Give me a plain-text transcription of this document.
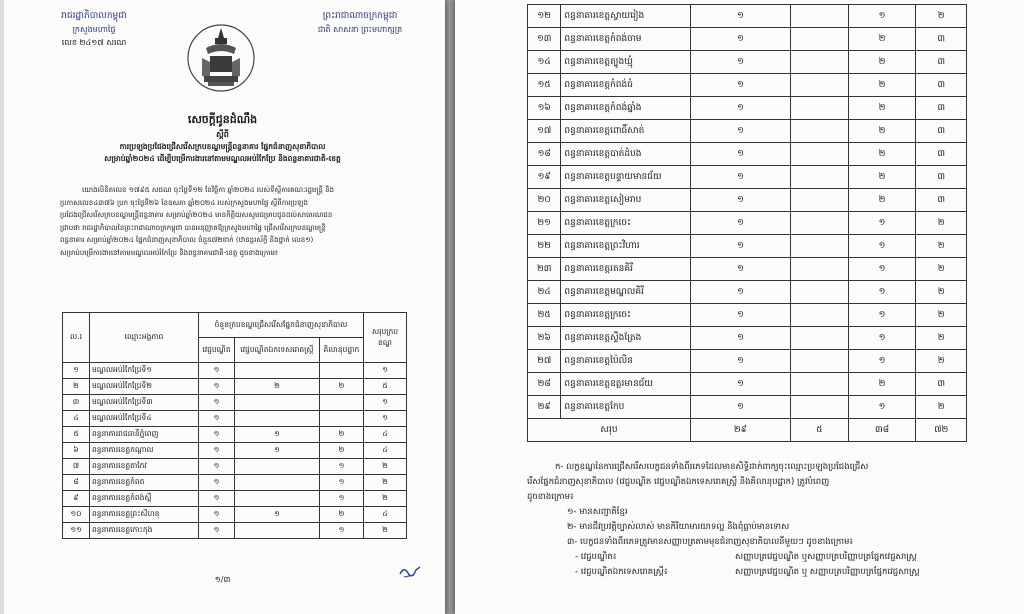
រាជរដ្ឋាភិបាលកម្ពុជា
ក្រសួងមហាផ្ទៃ
លេខ ២៤១៧ សរណ
ព្រះរាជាណាចក្រកម្ពុជា
ជាតិ សាសនា ព្រះមហាក្សត្រ
សេចក្តីជូនដំណឹង
ស្តីពី
ការប្រឡងប្រជែងជ្រើសរើសក្របខណ្ឌមន្ត្រីពន្ធនាគារ ផ្នែកជំនាញសុខាភិបាល
សម្រាប់ឆ្នាំ២០២៤ ដើម្បីបម្រើការងារនៅតាមមណ្ឌលអប់រំកែប្រែ និងពន្ធនាគារជាតិ-ខេត្ត
យោងលិខិតលេខ ១៧៩៥ សជណ ចុះថ្ងៃទី១២ ខែវិច្ឆិកា ឆ្នាំ២០២៤ របស់ទីស្តីការគណៈរដ្ឋមន្ត្រី និង
ប្រកាសលេខ៤៣៧៦ ប្រក ចុះថ្ងៃទី២៦ ខែឧសភា ឆ្នាំ២០២៤ របស់ក្រសួងមហាផ្ទៃ ស្តីពីការប្រឡង
ប្រជែងជ្រើសរើសក្របខណ្ឌមន្ត្រីពន្ធនាគារ សម្រាប់ឆ្នាំ២០២៤ មានកិត្តិយសសូមជម្រាបជូនដល់សាធារណជន
ជ្រាបថា រាជរដ្ឋាភិបាលនៃព្រះរាជាណាចក្រកម្ពុជា បានអនុញ្ញាតឱ្យក្រសួងមហាផ្ទៃ ជ្រើសរើសក្របខណ្ឌមន្ត្រី
ពន្ធនាគារ សម្រាប់ឆ្នាំ២០២៤ ផ្នែកជំនាញសុខាភិបាល ចំនួន៧២នាក់ (ឋានន្តរស័ក្តិ និងថ្នាក់ លេខ១)
សម្រាប់បម្រើការងារនៅតាមមណ្ឌលអប់រំកែប្រែ និងពន្ធនាគារជាតិ-ខេត្ត ដូចខាងក្រោម៖
ល.រ	ឈ្មោះអង្គភាព	ចំនួនក្របខណ្ឌជ្រើសរើសផ្នែកជំនាញសុខាភិបាល			សរុបក្របខណ្ឌ
		វេជ្ជបណ្ឌិត	វេជ្ជបណ្ឌិតឯកទេសរោគស្ត្រី	គិលានុបដ្ឋាក	
១	មណ្ឌលអប់រំកែប្រែទី១	១			១
២	មណ្ឌលអប់រំកែប្រែទី២	១	២	២	៥
៣	មណ្ឌលអប់រំកែប្រែទី៣	១			១
៤	មណ្ឌលអប់រំកែប្រែទី៤	១			១
៥	ពន្ធនាគាររាជធានីភ្នំពេញ	១	១	២	៤
៦	ពន្ធនាគារខេត្តកណ្តាល	១	១	២	៤
៧	ពន្ធនាគារខេត្តតាកែវ	១		១	២
៨	ពន្ធនាគារខេត្តកំពត	១		១	២
៩	ពន្ធនាគារខេត្តកំពង់ស្ពឺ	១		១	២
១០	ពន្ធនាគារខេត្តព្រះសីហនុ	១	១	២	៤
១១	ពន្ធនាគារខេត្តកោះកុង	១		១	២
១/៣
១២	ពន្ធនាគារខេត្តស្វាយរៀង	១		១	២
១៣	ពន្ធនាគារខេត្តកំពង់ចាម	១		២	៣
១៤	ពន្ធនាគារខេត្តត្បូងឃ្មុំ	១		២	៣
១៥	ពន្ធនាគារខេត្តកំពង់ធំ	១		២	៣
១៦	ពន្ធនាគារខេត្តកំពង់ឆ្នាំង	១		២	៣
១៧	ពន្ធនាគារខេត្តពោធិ៍សាត់	១		២	៣
១៨	ពន្ធនាគារខេត្តបាត់ដំបង	១		២	៣
១៩	ពន្ធនាគារខេត្តបន្ទាយមានជ័យ	១		២	៣
២០	ពន្ធនាគារខេត្តសៀមរាប	១		២	៣
២១	ពន្ធនាគារខេត្តក្រចេះ	១		១	២
២២	ពន្ធនាគារខេត្តព្រះវិហារ	១		១	២
២៣	ពន្ធនាគារខេត្តរតនគិរី	១		១	២
២៤	ពន្ធនាគារខេត្តមណ្ឌលគិរី	១		១	២
២៥	ពន្ធនាគារខេត្តក្រចេះ	១		១	២
២៦	ពន្ធនាគារខេត្តស្ទឹងត្រែង	១		១	២
២៧	ពន្ធនាគារខេត្តប៉ៃលិន	១		១	២
២៨	ពន្ធនាគារខេត្តឧត្តរមានជ័យ	១		២	៣
២៩	ពន្ធនាគារខេត្តកែប	១		១	២
សរុប		២៩	៥	៣៨	៧២
ក- លក្ខខណ្ឌនៃការជ្រើសរើសបេក្ខជនទាំងពីរភេទដែលមានសិទ្ធិដាក់ពាក្យចុះឈ្មោះប្រឡងប្រជែងជ្រើស
រើសផ្នែកជំនាញសុខាភិបាល (វេជ្ជបណ្ឌិត វេជ្ជបណ្ឌិតឯកទេសរោគស្ត្រី និងគិលានុបដ្ឋាក) ត្រូវបំពេញ
ដូចខាងក្រោម៖
១- មានសញ្ជាតិខ្មែរ
២- មានជីវប្រវត្តិច្បាស់លាស់ មានកិរិយាមារយាទល្អ និងពុំធ្លាប់មានទោស
៣- បេក្ខជនទាំងពីរភេទត្រូវមានសញ្ញាបត្រតាមមុខជំនាញសុខាភិបាលនីមួយៗ ដូចខាងក្រោម៖
- វេជ្ជបណ្ឌិត៖	សញ្ញាបត្រវេជ្ជបណ្ឌិត ឬសញ្ញាបត្របរិញ្ញាបត្រផ្នែកវេជ្ជសាស្ត្រ
- វេជ្ជបណ្ឌិតឯកទេសរោគស្ត្រី៖	សញ្ញាបត្រវេជ្ជបណ្ឌិត ឬ សញ្ញាបត្របរិញ្ញាបត្រផ្នែកវេជ្ជសាស្ត្រ
